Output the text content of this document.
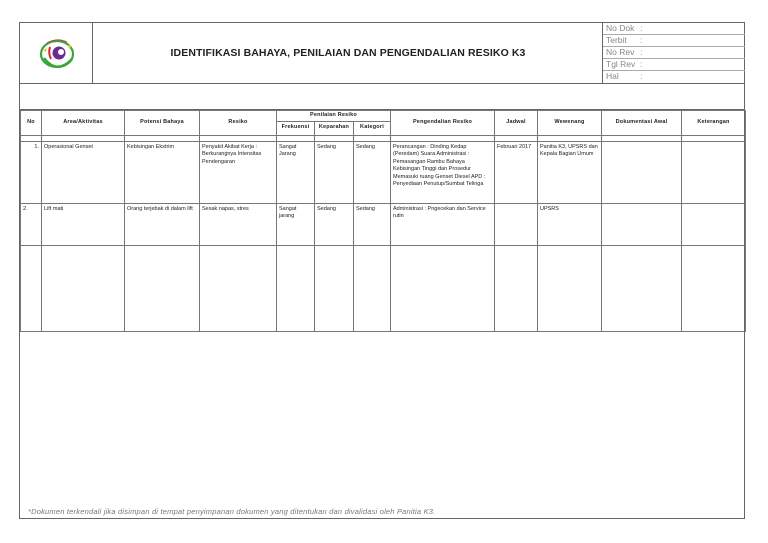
IDENTIFIKASI BAHAYA, PENILAIAN DAN PENGENDALIAN RESIKO K3
No Dok :
Terbit :
No Rev :
Tgl Rev :
Hal :
No	Area/Aktivitas	Potensi Bahaya	Resiko	Penilaian Resiko			Pengendalian Resiko	Jadwal	Wewenang	Dokumentasi Awal	Keterangan
				Frekuensi	Keparahan	Kategori					

1.	Operasional Genset	Kebisingan Ekstrim	Penyakit Akibat Kerja : Berkurangnya Intensitas Pendengaran	Sangat Jarang	Sedang	Sedang	Perancangan : Dinding Kedap (Peredam) Suara Administrasi : Pemasangan Rambu Bahaya Kebisingan Tinggi dan Prosedur Memasuki ruang Genset Diesel APD : Penyediaan Penutup/Sumbat Telinga	Februari 2017	Panitia K3, UPSRS dan Kepala Bagian Umum		
2.	Lift mati	Orang terjebak di dalam lift	Sesak napas, stres	Sangat jarang	Sedang	Sedang	Administrasi : Pngecekan dan Service rutin		UPSRS		

*Dokumen terkendali jika disimpan di tempat penyimpanan dokumen yang ditentukan dan divalidasi oleh Panitia K3.
